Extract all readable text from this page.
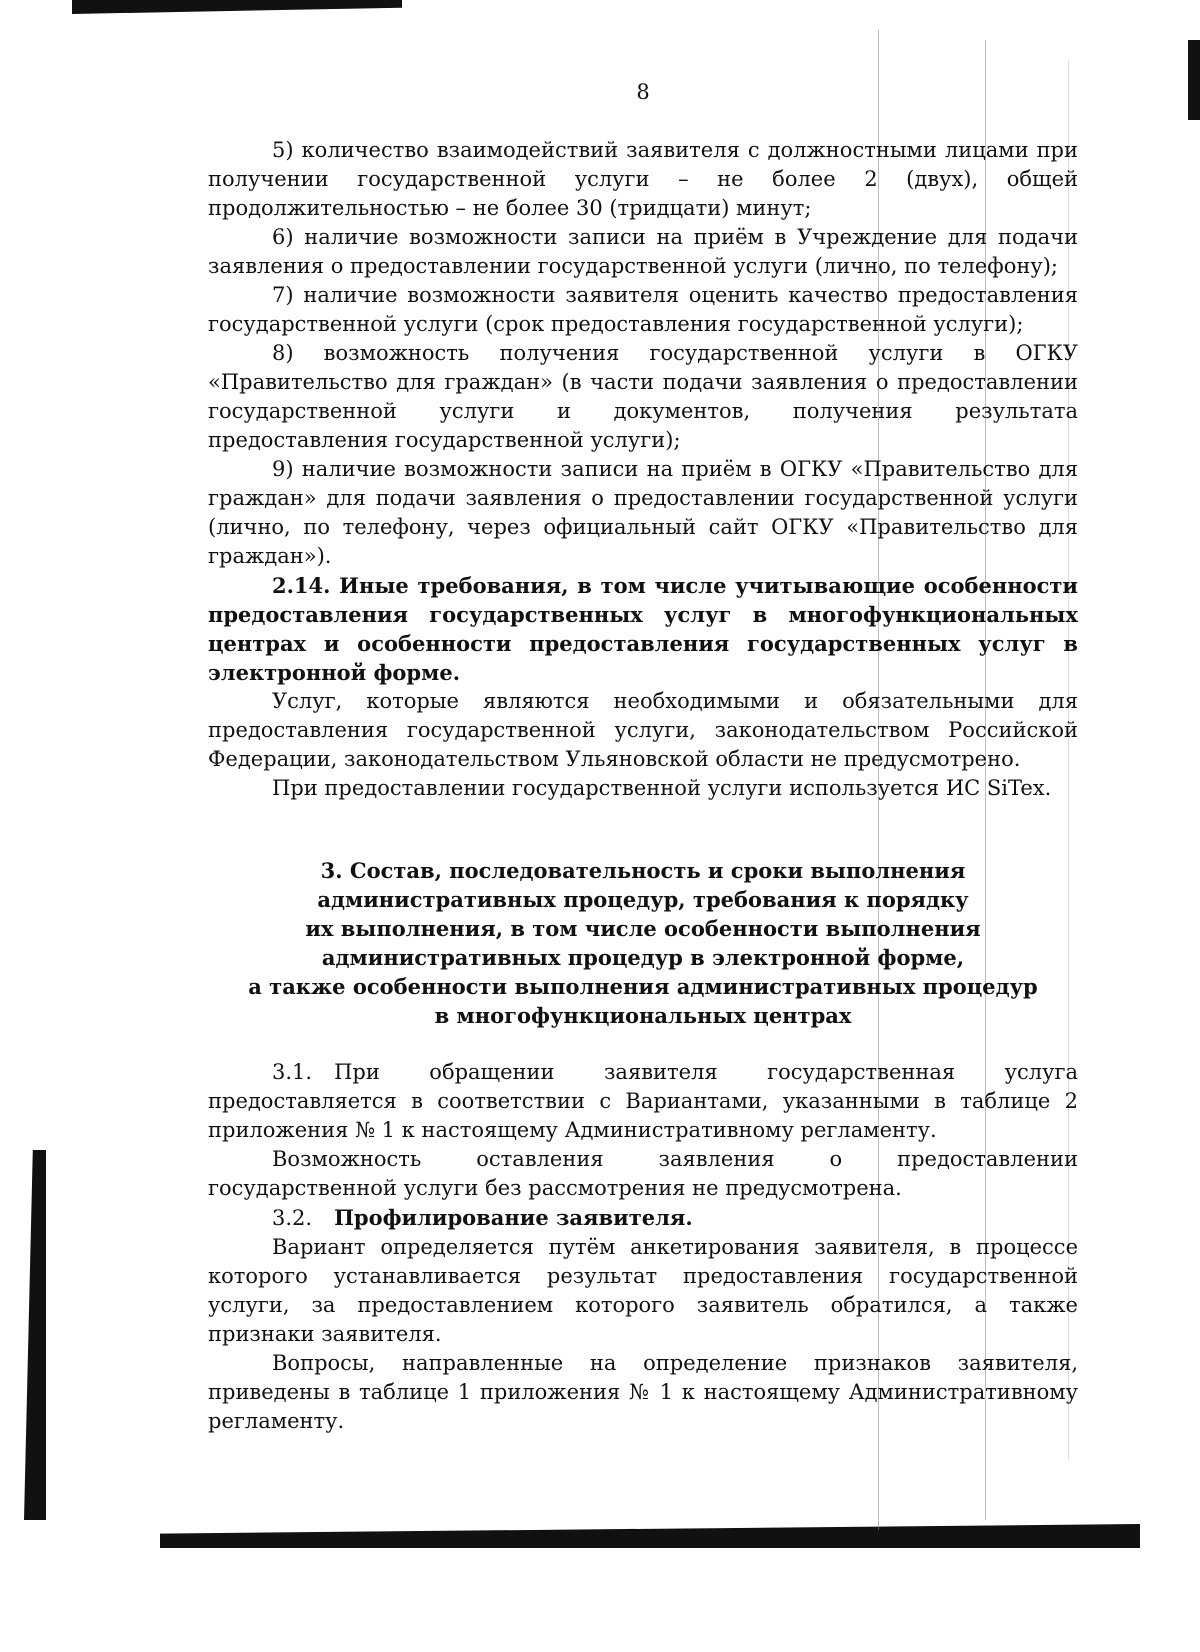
8

5) количество взаимодействий заявителя с должностными лицами при получении государственной услуги – не более 2 (двух), общей продолжительностью – не более 30 (тридцати) минут;

6) наличие возможности записи на приём в Учреждение для подачи заявления о предоставлении государственной услуги (лично, по телефону);

7) наличие возможности заявителя оценить качество предоставления государственной услуги (срок предоставления государственной услуги);

8) возможность получения государственной услуги в ОГКУ «Правительство для граждан» (в части подачи заявления о предоставлении государственной услуги и документов, получения результата предоставления государственной услуги);

9) наличие возможности записи на приём в ОГКУ «Правительство для граждан» для подачи заявления о предоставлении государственной услуги (лично, по телефону, через официальный сайт ОГКУ «Правительство для граждан»).

2.14. Иные требования, в том числе учитывающие особенности предоставления государственных услуг в многофункциональных центрах и особенности предоставления государственных услуг в электронной форме.

Услуг, которые являются необходимыми и обязательными для предоставления государственной услуги, законодательством Российской Федерации, законодательством Ульяновской области не предусмотрено.

При предоставлении государственной услуги используется ИС SiTex.

3. Состав, последовательность и сроки выполнения
административных процедур, требования к порядку
их выполнения, в том числе особенности выполнения
административных процедур в электронной форме,
а также особенности выполнения административных процедур
в многофункциональных центрах

3.1. При обращении заявителя государственная услуга предоставляется в соответствии с Вариантами, указанными в таблице 2 приложения № 1 к настоящему Административному регламенту.

Возможность оставления заявления о предоставлении государственной услуги без рассмотрения не предусмотрена.

3.2. Профилирование заявителя.

Вариант определяется путём анкетирования заявителя, в процессе которого устанавливается результат предоставления государственной услуги, за предоставлением которого заявитель обратился, а также признаки заявителя.

Вопросы, направленные на определение признаков заявителя, приведены в таблице 1 приложения № 1 к настоящему Административному регламенту.
